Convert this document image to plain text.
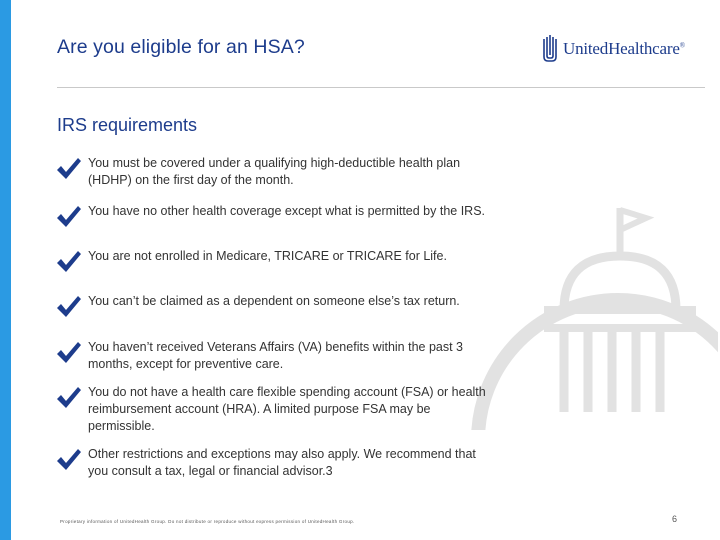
Are you eligible for an HSA?	UnitedHealthcare®
IRS requirements
You must be covered under a qualifying high-deductible health plan (HDHP) on the first day of the month.
You have no other health coverage except what is permitted by the IRS.
You are not enrolled in Medicare, TRICARE or TRICARE for Life.
You can’t be claimed as a dependent on someone else’s tax return.
You haven’t received Veterans Affairs (VA) benefits within the past 3 months, except for preventive care.
You do not have a health care flexible spending account (FSA) or health reimbursement account (HRA). A limited purpose FSA may be permissible.
Other restrictions and exceptions may also apply. We recommend that you consult a tax, legal or financial advisor.3
Proprietary information of UnitedHealth Group. Do not distribute or reproduce without express permission of UnitedHealth Group.	6
